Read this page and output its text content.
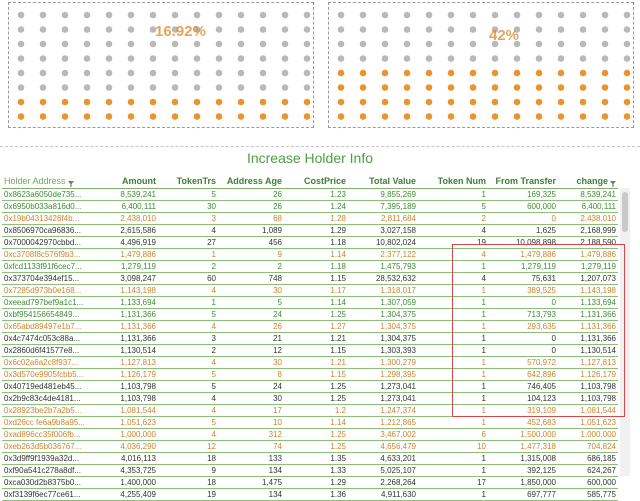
16.92%	42%
Increase Holder Info
Holder Address	Amount	TokenTrs	Address Age	CostPrice	Total Value	Token Num	From Transfer	change
0x8623a6050de735...	8,539,241	5	26	1.23	9,855,269	1	169,325	8,539,241
0x6950b033a816d0...	6,400,111	30	26	1.24	7,395,189	5	600,000	6,400,111
0x19b04313426f4b...	2,438,010	3	68	1.28	2,811,684	2	0	2,438,010
0x8506970ca96836...	2,615,586	4	1,089	1.29	3,027,158	4	1,625	2,168,999
0x7000042970cbbd...	4,496,919	27	456	1.18	10,802,024	19	10,098,898	2,188,590
0xc3708f8c576f9b3...	1,479,886	1	9	1.14	2,377,122	4	1,479,886	1,479,886
0xfcd1133f91f6cec7...	1,279,119	2	2	1.18	1,475,793	1	1,279,119	1,279,119
0x373704e394ef15...	3,098,247	60	748	1.15	28,532,632	4	75,631	1,207,073
0x7285d973b0e168...	1,143,198	4	30	1.17	1,318,017	1	389,525	1,143,198
0xeead797bef9a1c1...	1,133,694	1	5	1.14	1,307,059	1	0	1,133,694
0xbf954156654849...	1,131,366	5	24	1.25	1,304,375	1	713,793	1,131,366
0x65abd89497e1b7...	1,131,366	4	26	1.27	1,304,375	1	293,635	1,131,366
0x4c7474c053c88a...	1,131,366	3	21	1.21	1,304,375	1	0	1,131,366
0x2860d6f41577e8...	1,130,514	2	12	1.15	1,303,393	1	0	1,130,514
0x6c02a6a2c8f937...	1,127,813	4	30	1.21	1,300,279	1	570,972	1,127,813
0x3d570e9905fcbb5...	1,126,179	5	8	1.15	1,298,395	1	642,896	1,126,179
0x40719ed481eb45...	1,103,798	5	24	1.25	1,273,041	1	746,405	1,103,798
0x2b9c83c4de4181...	1,103,798	4	30	1.25	1,273,041	1	104,123	1,103,798
0x28923be2b7a2b5...	1,081,544	4	17	1.2	1,247,374	1	319,109	1,081,544
0xd26cc fe6a9b8a95...	1,051,623	5	10	1.14	1,212,865	1	452,683	1,051,623
0xad896cc35f006fb...	1,000,000	4	312	1.25	3,467,002	6	1,500,000	1,000,000
0xeb263d5b036767...	4,036,290	12	74	1.25	4,656,479	10	1,477,318	704,824
0x3d9ff9f1939a32d...	4,016,113	18	133	1.35	4,633,201	1	1,315,008	686,185
0xf90a541c278a8df...	4,353,725	9	134	1.33	5,025,107	1	392,125	624,267
0xca030d2b8375b0...	1,400,000	18	1,475	1.29	2,268,264	17	1,850,000	600,000
0xf3139f6ec77ce61...	4,255,409	19	134	1.36	4,911,630	1	697,777	585,775
